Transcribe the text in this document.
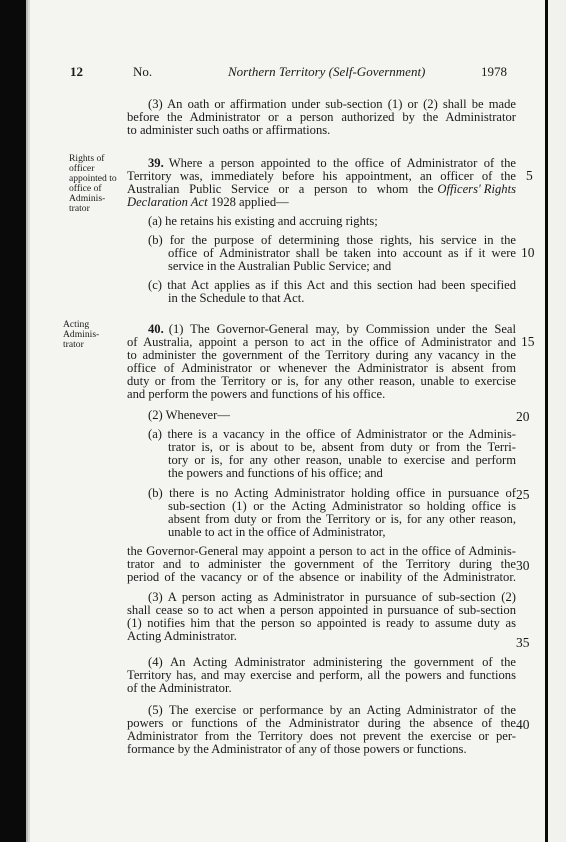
12	No.	Northern Territory (Self-Government)	1978
(3) An oath or affirmation under sub-section (1) or (2) shall be made
before the Administrator or a person authorized by the Administrator
to administer such oaths or affirmations.
Rights of
officer
appointed to
office of
Adminis-
trator
39. Where a person appointed to the office of Administrator of the
Territory was, immediately before his appointment, an officer of the
Australian Public Service or a person to whom the Officers' Rights
Declaration Act 1928 applied—
(a) he retains his existing and accruing rights;
(b) for the purpose of determining those rights, his service in the
office of Administrator shall be taken into account as if it were
service in the Australian Public Service; and
(c) that Act applies as if this Act and this section had been specified
in the Schedule to that Act.
Acting
Adminis-
trator
40. (1) The Governor-General may, by Commission under the Seal
of Australia, appoint a person to act in the office of Administrator and
to administer the government of the Territory during any vacancy in the
office of Administrator or whenever the Administrator is absent from
duty or from the Territory or is, for any other reason, unable to exercise
and perform the powers and functions of his office.
(2) Whenever—
(a) there is a vacancy in the office of Administrator or the Adminis-
trator is, or is about to be, absent from duty or from the Terri-
tory or is, for any other reason, unable to exercise and perform
the powers and functions of his office; and
(b) there is no Acting Administrator holding office in pursuance of
sub-section (1) or the Acting Administrator so holding office is
absent from duty or from the Territory or is, for any other reason,
unable to act in the office of Administrator,
the Governor-General may appoint a person to act in the office of Adminis-
trator and to administer the government of the Territory during the
period of the vacancy or of the absence or inability of the Administrator.
(3) A person acting as Administrator in pursuance of sub-section (2)
shall cease so to act when a person appointed in pursuance of sub-section
(1) notifies him that the person so appointed is ready to assume duty as
Acting Administrator.
(4) An Acting Administrator administering the government of the
Territory has, and may exercise and perform, all the powers and functions
of the Administrator.
(5) The exercise or performance by an Acting Administrator of the
powers or functions of the Administrator during the absence of the
Administrator from the Territory does not prevent the exercise or per-
formance by the Administrator of any of those powers or functions.
5
10
15
20
25
30
35
40
